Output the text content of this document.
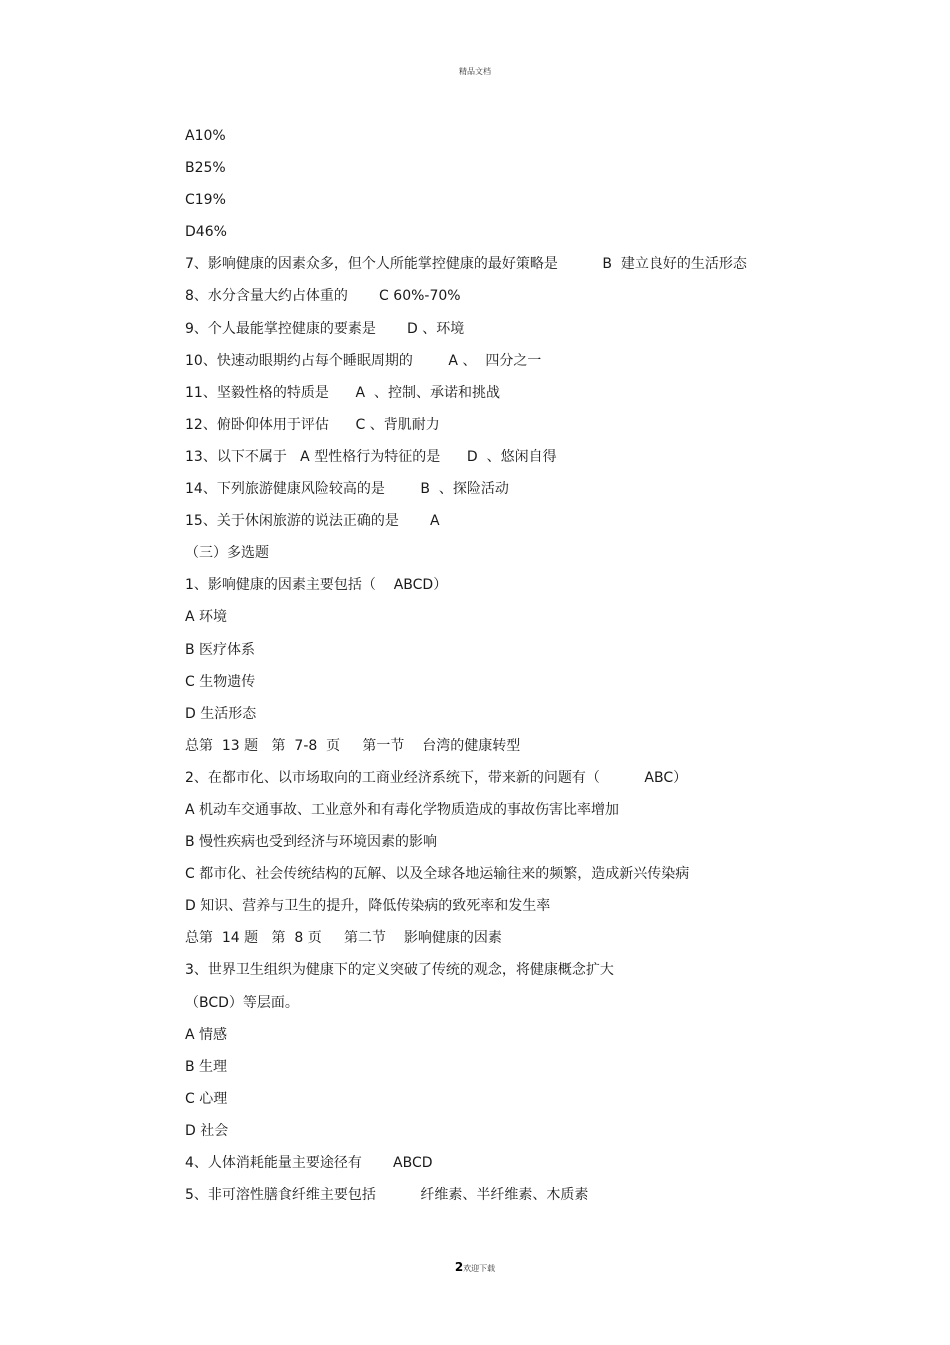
精品文档
A10%
B25%
C19%
D46%
7、影响健康的因素众多，但个人所能掌控健康的最好策略是          B  建立良好的生活形态
8、水分含量大约占体重的       C 60%-70%
9、个人最能掌控健康的要素是       D 、环境
10、快速动眼期约占每个睡眠周期的        A 、  四分之一
11、坚毅性格的特质是      A  、控制、承诺和挑战
12、俯卧仰体用于评估      C 、背肌耐力
13、以下不属于   A 型性格行为特征的是      D  、悠闲自得
14、下列旅游健康风险较高的是        B  、探险活动
15、关于休闲旅游的说法正确的是       A
（三）多选题
1、影响健康的因素主要包括（    ABCD）
A 环境
B 医疗体系
C 生物遗传
D 生活形态
总第  13 题   第  7-8  页     第一节    台湾的健康转型
2、在都市化、以市场取向的工商业经济系统下，带来新的问题有（          ABC）
A 机动车交通事故、工业意外和有毒化学物质造成的事故伤害比率增加
B 慢性疾病也受到经济与环境因素的影响
C 都市化、社会传统结构的瓦解、以及全球各地运输往来的频繁，造成新兴传染病
D 知识、营养与卫生的提升，降低传染病的致死率和发生率
总第  14 题   第  8 页     第二节    影响健康的因素
3、世界卫生组织为健康下的定义突破了传统的观念，将健康概念扩大
（BCD）等层面。
A 情感
B 生理
C 心理
D 社会
4、人体消耗能量主要途径有       ABCD
5、非可溶性膳食纤维主要包括          纤维素、半纤维素、木质素
2欢迎下载
